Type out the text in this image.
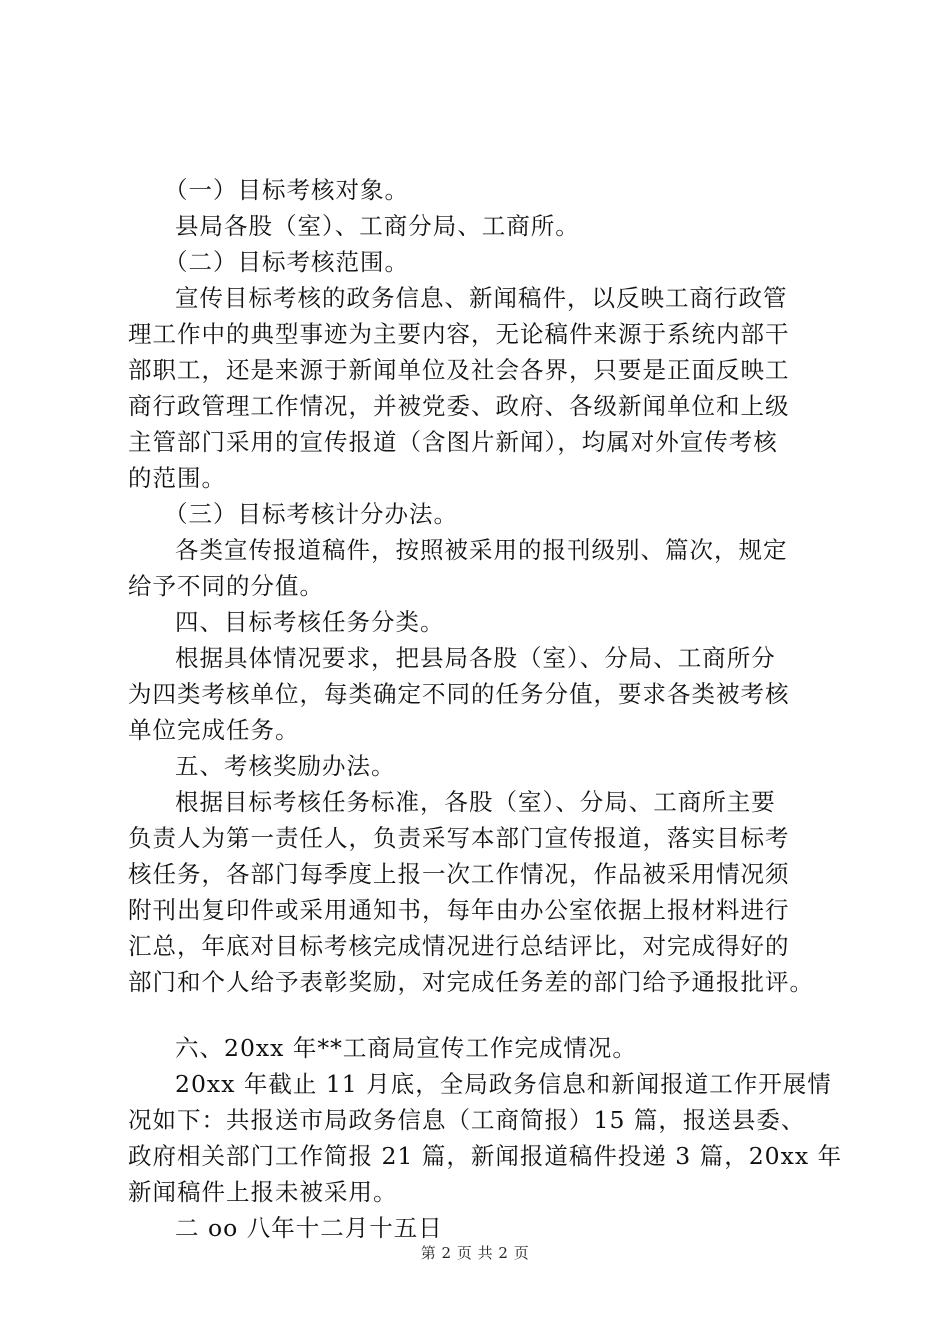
（一）目标考核对象。
县局各股（室）、工商分局、工商所。
（二）目标考核范围。
宣传目标考核的政务信息、新闻稿件，以反映工商行政管
理工作中的典型事迹为主要内容，无论稿件来源于系统内部干
部职工，还是来源于新闻单位及社会各界，只要是正面反映工
商行政管理工作情况，并被党委、政府、各级新闻单位和上级
主管部门采用的宣传报道（含图片新闻），均属对外宣传考核
的范围。
（三）目标考核计分办法。
各类宣传报道稿件，按照被采用的报刊级别、篇次，规定
给予不同的分值。
四、目标考核任务分类。
根据具体情况要求，把县局各股（室）、分局、工商所分
为四类考核单位，每类确定不同的任务分值，要求各类被考核
单位完成任务。
五、考核奖励办法。
根据目标考核任务标准，各股（室）、分局、工商所主要
负责人为第一责任人，负责采写本部门宣传报道，落实目标考
核任务，各部门每季度上报一次工作情况，作品被采用情况须
附刊出复印件或采用通知书，每年由办公室依据上报材料进行
汇总，年底对目标考核完成情况进行总结评比，对完成得好的
部门和个人给予表彰奖励，对完成任务差的部门给予通报批评。
六、20xx 年**工商局宣传工作完成情况。
20xx 年截止 11 月底，全局政务信息和新闻报道工作开展情
况如下：共报送市局政务信息（工商简报）15 篇，报送县委、
政府相关部门工作简报 21 篇，新闻报道稿件投递 3 篇，20xx 年
新闻稿件上报未被采用。
二 oo 八年十二月十五日
第 2 页 共 2 页
